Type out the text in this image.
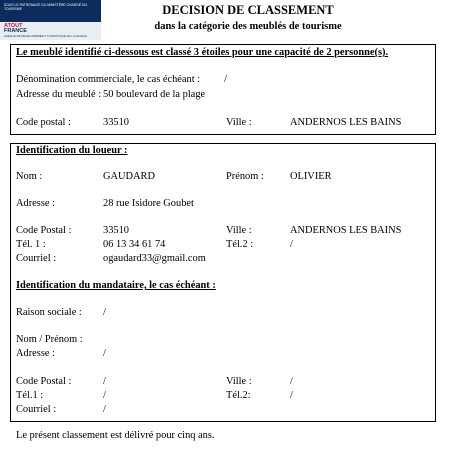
SOUS LE PATRONAGE DU MINISTÈRE CHARGÉ DU TOURISME
ATOUT
FRANCE
AGENCE DE DÉVELOPPEMENT TOURISTIQUE DE LA FRANCE
DECISION DE CLASSEMENT
dans la catégorie des meublés de tourisme
Le meublé identifié ci-dessous est classé 3 étoiles pour une capacité de 2 personne(s).
Dénomination commerciale, le cas échéant : /
Adresse du meublé : 50 boulevard de la plage
Code postal :	33510	Ville :	ANDERNOS LES BAINS
Identification du loueur :
Nom :	GAUDARD	Prénom :	OLIVIER
Adresse :	28 rue Isidore Goubet
Code Postal :	33510	Ville :	ANDERNOS LES BAINS
Tél. 1 :	06 13 34 61 74	Tél.2 :	/
Courriel :	ogaudard33@gmail.com
Identification du mandataire, le cas échéant :
Raison sociale : /
Nom / Prénom :
Adresse :	/
Code Postal :	/	Ville :	/
Tél.1 :	/	Tél.2:	/
Courriel :	/
Le présent classement est délivré pour cinq ans.
